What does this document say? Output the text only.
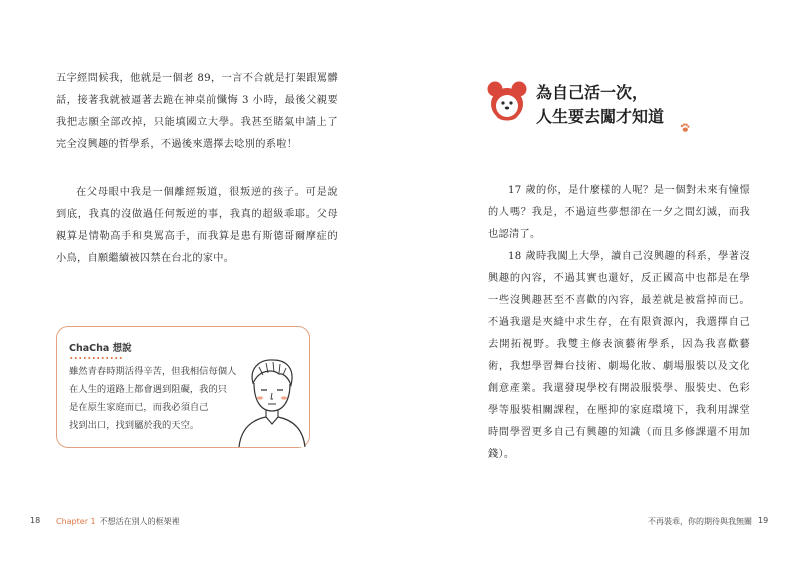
五字經問候我，他就是一個老 89，一言不合就是打架跟罵髒話，接著我就被逼著去跪在神桌前懺悔 3 小時，最後父親要我把志願全部改掉，只能填國立大學。我甚至賭氣申請上了完全沒興趣的哲學系，不過後來選擇去唸別的系啦！

在父母眼中我是一個離經叛道，很叛逆的孩子。可是說到底，我真的沒做過任何叛逆的事，我真的超級乖耶。父母親算是情勒高手和臭罵高手，而我算是患有斯德哥爾摩症的小鳥，自願繼續被囚禁在台北的家中。

ChaCha 想說

雖然青春時期活得辛苦，但我相信每個人
在人生的道路上都會遇到阻礙，我的只
是在原生家庭而已，而我必須自己
找到出口，找到屬於我的天空。

18 Chapter 1 不想活在別人的框架裡
為自己活一次，
人生要去闖才知道

17 歲的你，是什麼樣的人呢？是一個對未來有憧憬的人嗎？我是，不過這些夢想卻在一夕之間幻滅，而我也認清了。

18 歲時我闖上大學，讀自己沒興趣的科系，學著沒興趣的內容，不過其實也還好，反正國高中也都是在學一些沒興趣甚至不喜歡的內容，最差就是被當掉而已。不過我還是夾縫中求生存，在有限資源內，我選擇自己去開拓視野。我雙主修表演藝術學系，因為我喜歡藝術，我想學習舞台技術、劇場化妝、劇場服裝以及文化創意產業。我還發現學校有開設服裝學、服裝史、色彩學等服裝相關課程，在壓抑的家庭環境下，我利用課堂時間學習更多自己有興趣的知識（而且多修課還不用加錢）。

不再裝乖，你的期待與我無關 19
